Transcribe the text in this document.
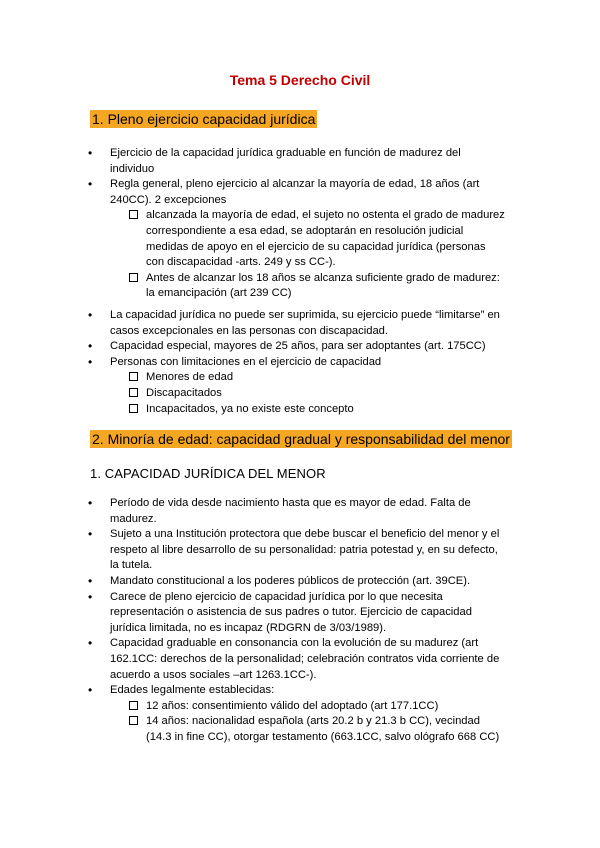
Tema 5 Derecho Civil
1. Pleno ejercicio capacidad jurídica
• Ejercicio de la capacidad jurídica graduable en función de madurez del individuo
• Regla general, pleno ejercicio al alcanzar la mayoría de edad, 18 años (art 240CC). 2 excepciones
alcanzada la mayoría de edad, el sujeto no ostenta el grado de madurez correspondiente a esa edad, se adoptarán en resolución judicial medidas de apoyo en el ejercicio de su capacidad jurídica (personas con discapacidad -arts. 249 y ss CC-).
Antes de alcanzar los 18 años se alcanza suficiente grado de madurez: la emancipación (art 239 CC)
• La capacidad jurídica no puede ser suprimida, su ejercicio puede “limitarse” en casos excepcionales en las personas con discapacidad.
• Capacidad especial, mayores de 25 años, para ser adoptantes (art. 175CC)
• Personas con limitaciones en el ejercicio de capacidad
Menores de edad
Discapacitados
Incapacitados, ya no existe este concepto
2. Minoría de edad: capacidad gradual y responsabilidad del menor
1. CAPACIDAD JURÍDICA DEL MENOR
• Período de vida desde nacimiento hasta que es mayor de edad. Falta de madurez.
• Sujeto a una Institución protectora que debe buscar el beneficio del menor y el respeto al libre desarrollo de su personalidad: patria potestad y, en su defecto, la tutela.
• Mandato constitucional a los poderes públicos de protección (art. 39CE).
• Carece de pleno ejercicio de capacidad jurídica por lo que necesita representación o asistencia de sus padres o tutor. Ejercicio de capacidad jurídica limitada, no es incapaz (RDGRN de 3/03/1989).
• Capacidad graduable en consonancia con la evolución de su madurez (art 162.1CC: derechos de la personalidad; celebración contratos vida corriente de acuerdo a usos sociales –art 1263.1CC-).
• Edades legalmente establecidas:
12 años: consentimiento válido del adoptado (art 177.1CC)
14 años: nacionalidad española (arts 20.2 b y 21.3 b CC), vecindad (14.3 in fine CC), otorgar testamento (663.1CC, salvo ológrafo 668 CC)
